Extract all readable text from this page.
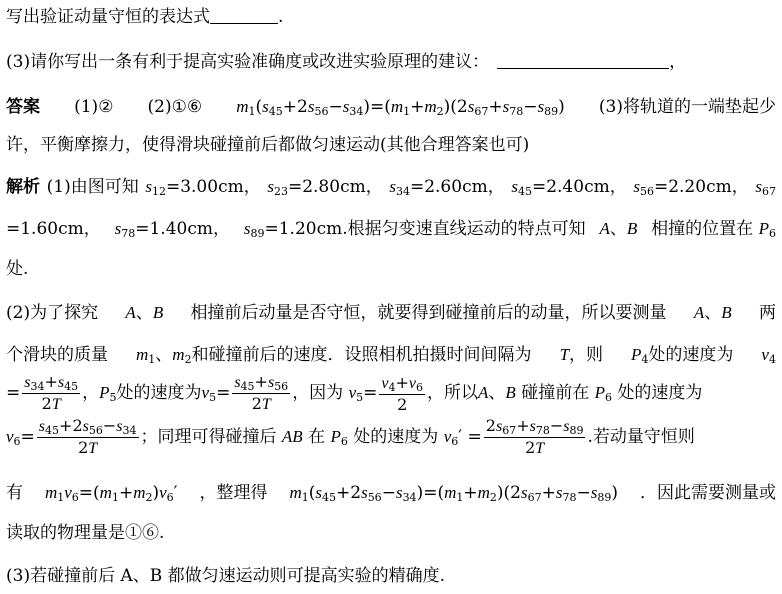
写出验证动量守恒的表达式	.
(3)请你写出一条有利于提高实验准确度或改进实验原理的建议：	，
答案 (1)② (2)①⑥ $m_1(s_{45}+2s_{56}-s_{34})=(m_1+m_2)(2s_{67}+s_{78}-s_{89})$ (3)将轨道的一端垫起少
许，平衡摩擦力，使得滑块碰撞前后都做匀速运动(其他合理答案也可)
解析 (1)由图可知 $s_{12}=3.00cm$， $s_{23}=2.80cm$， $s_{34}=2.60cm$， $s_{45}=2.40cm$， $s_{56}=2.20cm$， $s_{67}$
=1.60cm， $s_{78}=1.40cm$， $s_{89}=1.20cm$.根据匀变速直线运动的特点可知 A、B 相撞的位置在 $P_6$
处.
(2)为了探究 A、B 相撞前后动量是否守恒，就要得到碰撞前后的动量，所以要测量 A、B 两
个滑块的质量 $m_1$、$m_2$和碰撞前后的速度．设照相机拍摄时间间隔为 T，则 $P_4$处的速度为 $v_4$
= $\frac{s_{34}+s_{45}}{2T}$ ，$P_5$处的速度为$v_5= \frac{s_{45}+s_{56}}{2T}$ ，因为 $v_5= \frac{v_4+v_6}{2}$ ，所以A、B 碰撞前在 $P_6$ 处的速度为
$v_6= \frac{s_{45}+2s_{56}-s_{34}}{2T}$ ；同理可得碰撞后 AB 在 $P_6$ 处的速度为 $v_6' = \frac{2s_{67}+s_{78}-s_{89}}{2T}$ .若动量守恒则
有 $m_1v_6=(m_1+m_2)v_6'$ ，整理得 $m_1(s_{45}+2s_{56}-s_{34})=(m_1+m_2)(2s_{67}+s_{78}-s_{89})$ ．因此需要测量或
读取的物理量是①⑥.
(3)若碰撞前后 A、B 都做匀速运动则可提高实验的精确度.
